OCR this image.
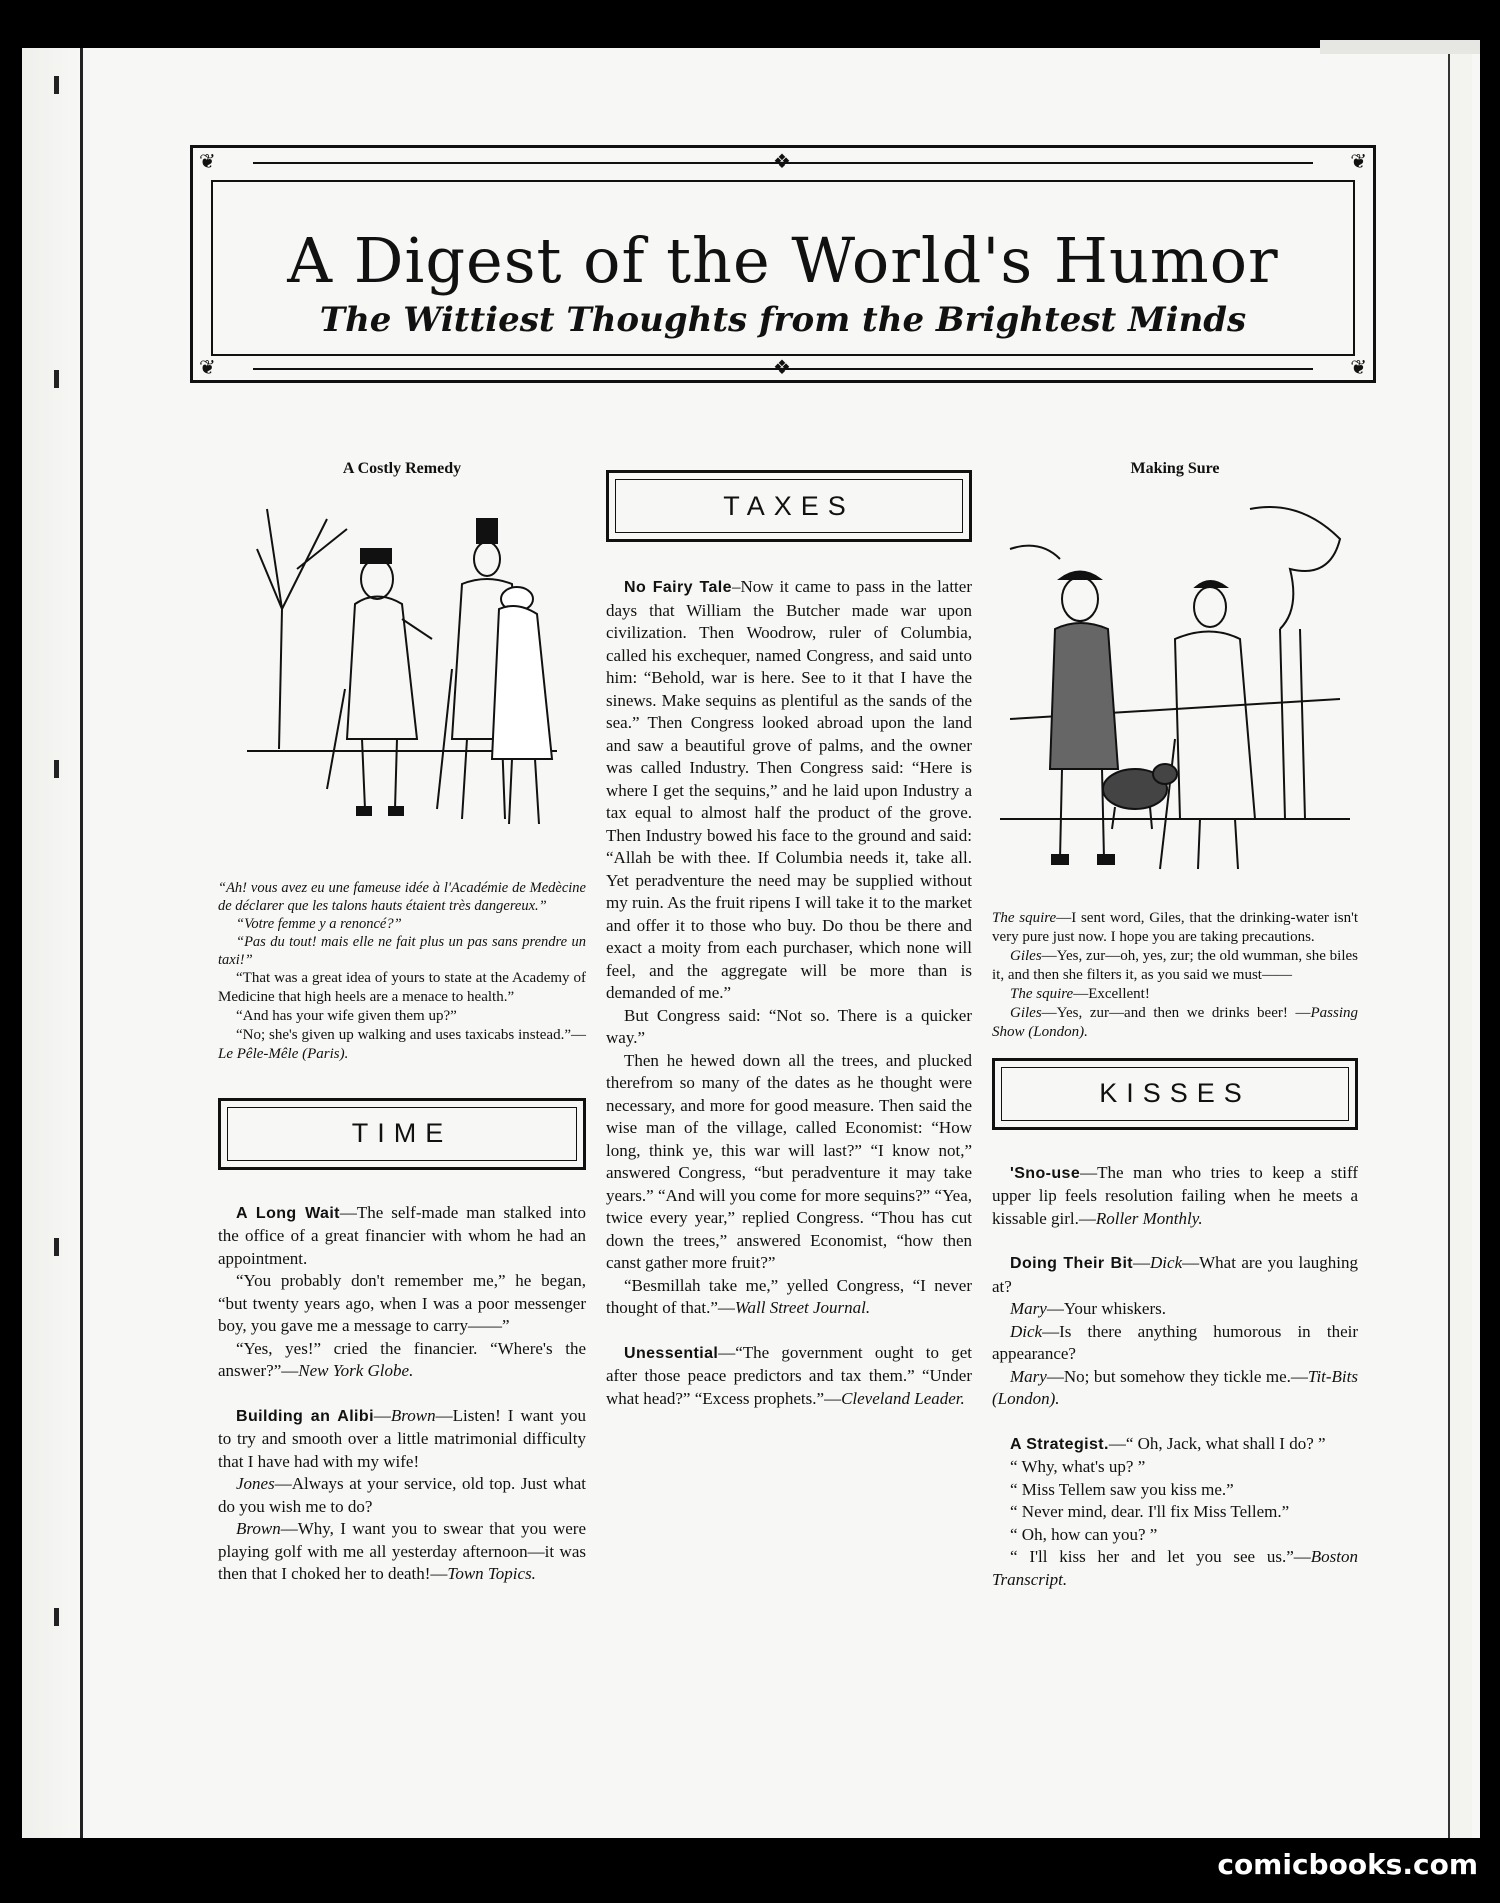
❦	❦
❖
❦	❦
❖
A Digest of the World's Humor
The Wittiest Thoughts from the Brightest Minds
A Costly Remedy

“Ah! vous avez eu une fameuse idée à l'Académie de Medècine de déclarer que les talons hauts étaient très dangereux.”

“Votre femme y a renoncé?”

“Pas du tout! mais elle ne fait plus un pas sans prendre un taxi!”

“That was a great idea of yours to state at the Academy of Medicine that high heels are a menace to health.”

“And has your wife given them up?”

“No; she's given up walking and uses taxicabs instead.”—Le Pêle-Mêle (Paris).

TIME

A Long Wait—The self-made man stalked into the office of a great financier with whom he had an appointment.

“You probably don't remember me,” he began, “but twenty years ago, when I was a poor messenger boy, you gave me a message to carry——”

“Yes, yes!” cried the financier. “Where's the answer?”—New York Globe.

Building an Alibi—Brown—Listen! I want you to try and smooth over a little matrimonial difficulty that I have had with my wife!

Jones—Always at your service, old top. Just what do you wish me to do?

Brown—Why, I want you to swear that you were playing golf with me all yesterday afternoon—it was then that I choked her to death!—Town Topics.

TAXES

No Fairy Tale–Now it came to pass in the latter days that William the Butcher made war upon civilization. Then Woodrow, ruler of Columbia, called his exchequer, named Congress, and said unto him: “Behold, war is here. See to it that I have the sinews. Make sequins as plentiful as the sands of the sea.” Then Congress looked abroad upon the land and saw a beautiful grove of palms, and the owner was called Industry. Then Congress said: “Here is where I get the sequins,” and he laid upon Industry a tax equal to almost half the product of the grove. Then Industry bowed his face to the ground and said: “Allah be with thee. If Columbia needs it, take all. Yet peradventure the need may be supplied without my ruin. As the fruit ripens I will take it to the market and offer it to those who buy. Do thou be there and exact a moity from each purchaser, which none will feel, and the aggregate will be more than is demanded of me.”

But Congress said: “Not so. There is a quicker way.”

Then he hewed down all the trees, and plucked therefrom so many of the dates as he thought were necessary, and more for good measure. Then said the wise man of the village, called Economist: “How long, think ye, this war will last?” “I know not,” answered Congress, “but peradventure it may take years.” “And will you come for more sequins?” “Yea, twice every year,” replied Congress. “Thou has cut down the trees,” answered Economist, “how then canst gather more fruit?”

“Besmillah take me,” yelled Congress, “I never thought of that.”—Wall Street Journal.

Unessential—“The government ought to get after those peace predictors and tax them.” “Under what head?” “Excess prophets.”—Cleveland Leader.

Making Sure

The squire—I sent word, Giles, that the drinking-water isn't very pure just now. I hope you are taking precautions.

Giles—Yes, zur—oh, yes, zur; the old wumman, she biles it, and then she filters it, as you said we must——

The squire—Excellent!

Giles—Yes, zur—and then we drinks beer! —Passing Show (London).

KISSES

'Sno-use—The man who tries to keep a stiff upper lip feels resolution failing when he meets a kissable girl.—Roller Monthly.

Doing Their Bit—Dick—What are you laughing at?

Mary—Your whiskers.

Dick—Is there anything humorous in their appearance?

Mary—No; but somehow they tickle me.—Tit-Bits (London).

A Strategist.—“ Oh, Jack, what shall I do? ”

“ Why, what's up? ”

“ Miss Tellem saw you kiss me.”

“ Never mind, dear. I'll fix Miss Tellem.”

“ Oh, how can you? ”

“ I'll kiss her and let you see us.”—Boston Transcript.

comicbooks.com
